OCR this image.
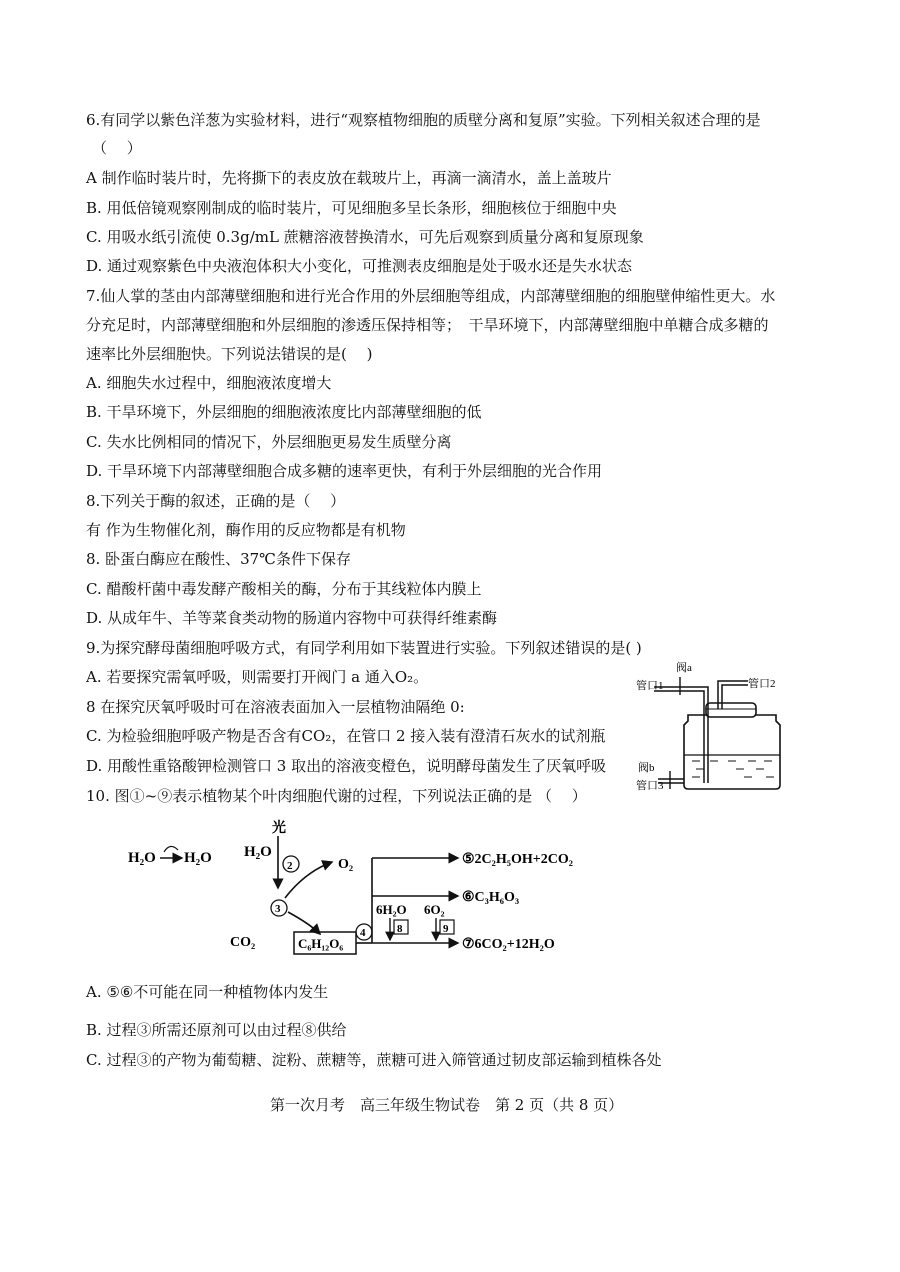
6.有同学以紫色洋葱为实验材料，进行“观察植物细胞的质壁分离和复原”实验。下列相关叙述合理的是
（　 ）
A 制作临时装片时，先将撕下的表皮放在载玻片上，再滴一滴清水，盖上盖玻片
B. 用低倍镜观察刚制成的临时装片，可见细胞多呈长条形，细胞核位于细胞中央
C. 用吸水纸引流使 0.3g/mL 蔗糖溶液替换清水，可先后观察到质量分离和复原现象
D. 通过观察紫色中央液泡体积大小变化，可推测表皮细胞是处于吸水还是失水状态
7.仙人掌的茎由内部薄壁细胞和进行光合作用的外层细胞等组成，内部薄壁细胞的细胞壁伸缩性更大。水
分充足时，内部薄壁细胞和外层细胞的渗透压保持相等；　干旱环境下，内部薄壁细胞中单糖合成多糖的
速率比外层细胞快。下列说法错误的是(　 )
A. 细胞失水过程中，细胞液浓度增大
B. 干旱环境下，外层细胞的细胞液浓度比内部薄壁细胞的低
C. 失水比例相同的情况下，外层细胞更易发生质壁分离
D. 干旱环境下内部薄壁细胞合成多糖的速率更快，有利于外层细胞的光合作用
8.下列关于酶的叙述，正确的是（　 ）
有 作为生物催化剂，酶作用的反应物都是有机物
8. 卧蛋白酶应在酸性、37℃条件下保存
C. 醋酸杆菌中毒发酵产酸相关的酶，分布于其线粒体内膜上
D. 从成年牛、羊等菜食类动物的肠道内容物中可获得纤维素酶
9.为探究酵母菌细胞呼吸方式，有同学利用如下装置进行实验。下列叙述错误的是( )
A. 若要探究需氧呼吸，则需要打开阀门 a 通入O₂。
8 在探究厌氧呼吸时可在溶液表面加入一层植物油隔绝 0:
C. 为检验细胞呼吸产物是否含有CO₂，在管口 2 接入装有澄清石灰水的试剂瓶
D. 用酸性重铬酸钾检测管口 3 取出的溶液变橙色，说明酵母菌发生了厌氧呼吸
阀a
管口1	管口2
阀b
管口3
10. 图①~⑨表示植物某个叶肉细胞代谢的过程，下列说法正确的是 （　 ）
H₂O H₂O
光
H₂O
2	O₂
3
CO₂	C₆H₁₂O₆
4
6H₂O 6O₂
8	9
⑤2C₂H₅OH+2CO₂
⑥C₃H₆O₃
⑦6CO₂+12H₂O
A. ⑤⑥不可能在同一种植物体内发生
B. 过程③所需还原剂可以由过程⑧供给
C. 过程③的产物为葡萄糖、淀粉、蔗糖等，蔗糖可进入筛管通过韧皮部运输到植株各处
第一次月考　高三年级生物试卷　第 2 页（共 8 页）
